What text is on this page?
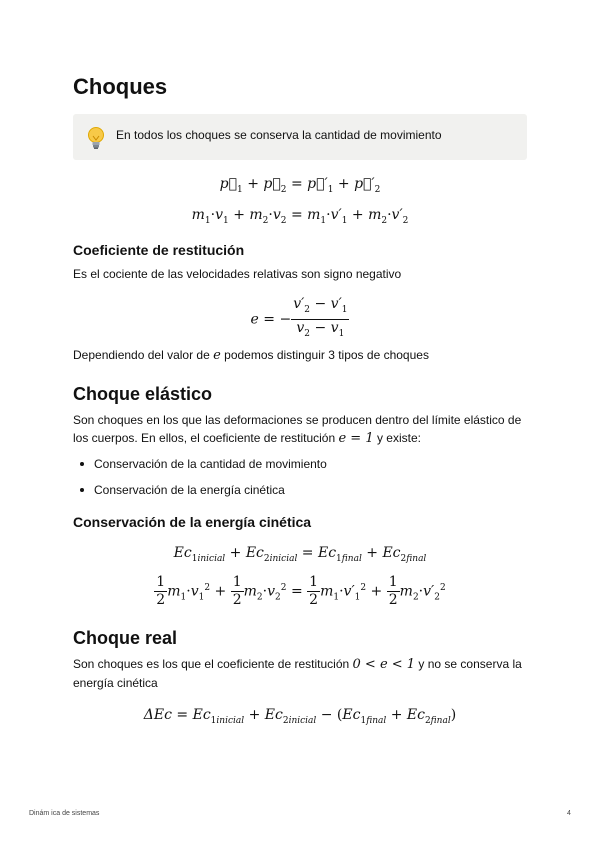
Choques
En todos los choques se conserva la cantidad de movimiento
$p⃗_1$ + $p⃗_2$ = $p⃗'_1$ + $p⃗'_2$
$m_1\cdot v_1 + m_2\cdot v_2 = m_1\cdot v'_1 + m_2\cdot v'_2$
Coeficiente de restitución

Es el cociente de las velocidades relativas son signo negativo

e = − $\frac{v'_2 - v'_1}{v_2 - v_1}$

Dependiendo del valor de e podemos distinguir 3 tipos de choques

Choque elástico

Son choques en los que las deformaciones se producen dentro del límite elástico de los cuerpos. En ellos, el coeficiente de restitución e = 1 y existe:

Conservación de la cantidad de movimiento
Conservación de la energía cinética
Conservación de la energía cinética
$Ec_{1inicial} + Ec_{2inicial} = Ec_{1final} + Ec_{2final}$
$\frac{1}{2} m_1\cdot v_1^2 + \frac{1}{2} m_2\cdot v_2^2 = \frac{1}{2} m_1\cdot v'_1^2 + \frac{1}{2} m_2\cdot v'_2^2$
Choque real

Son choques es los que el coeficiente de restitución 0 < e < 1 y no se conserva la energía cinética

$\Delta Ec = Ec_{1inicial} + Ec_{2inicial} - (Ec_{1final} + Ec_{2final})$
Dinám ica de sistemas	4
